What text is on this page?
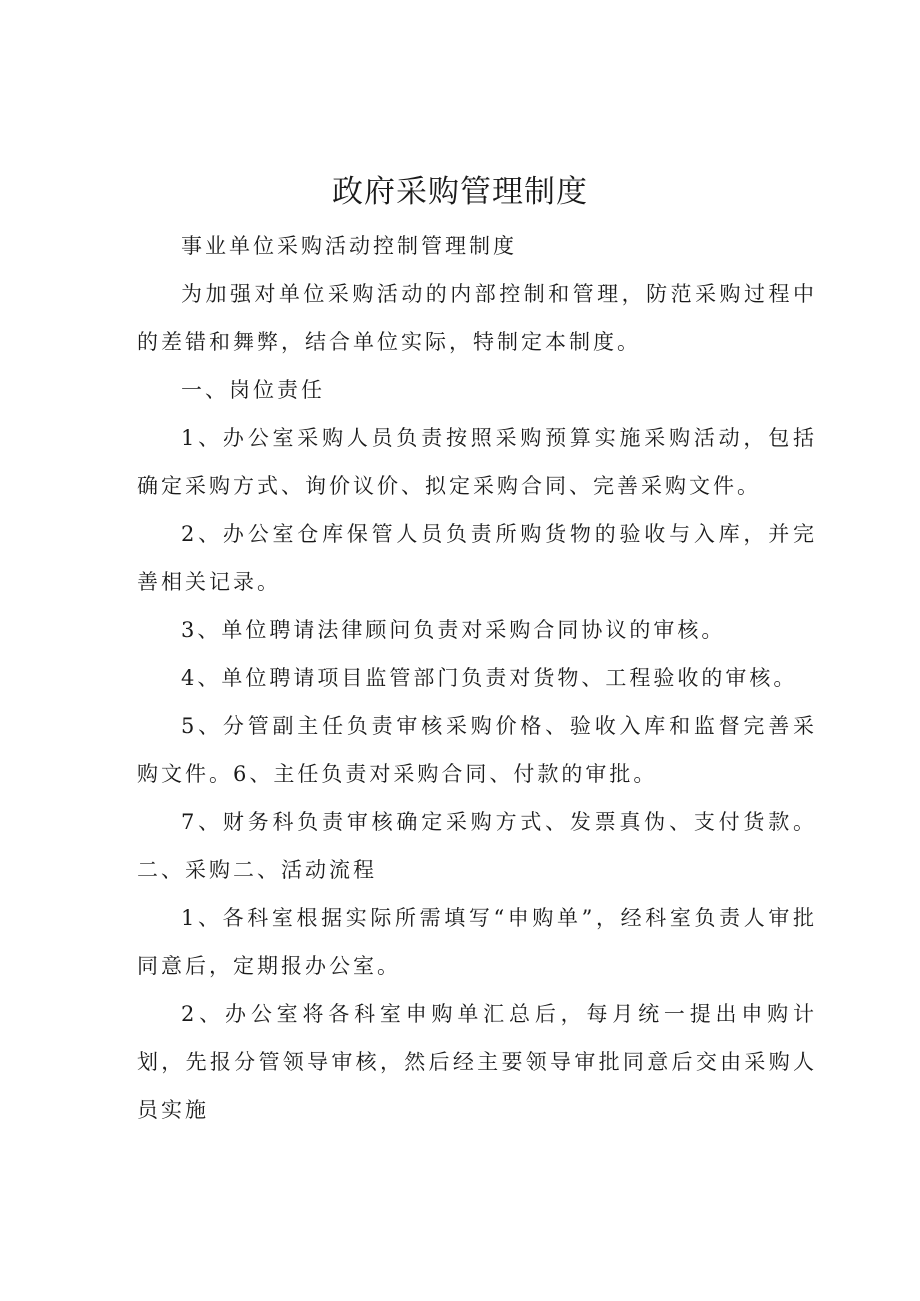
政府采购管理制度

事业单位采购活动控制管理制度

为加强对单位采购活动的内部控制和管理，防范采购过程中的差错和舞弊，结合单位实际，特制定本制度。

一、岗位责任

1、办公室采购人员负责按照采购预算实施采购活动，包括确定采购方式、询价议价、拟定采购合同、完善采购文件。

2、办公室仓库保管人员负责所购货物的验收与入库，并完善相关记录。

3、单位聘请法律顾问负责对采购合同协议的审核。

4、单位聘请项目监管部门负责对货物、工程验收的审核。

5、分管副主任负责审核采购价格、验收入库和监督完善采购文件。6、主任负责对采购合同、付款的审批。

7、财务科负责审核确定采购方式、发票真伪、支付货款。二、采购二、活动流程

1、各科室根据实际所需填写“申购单”，经科室负责人审批同意后，定期报办公室。

2、办公室将各科室申购单汇总后，每月统一提出申购计划，先报分管领导审核，然后经主要领导审批同意后交由采购人员实施
